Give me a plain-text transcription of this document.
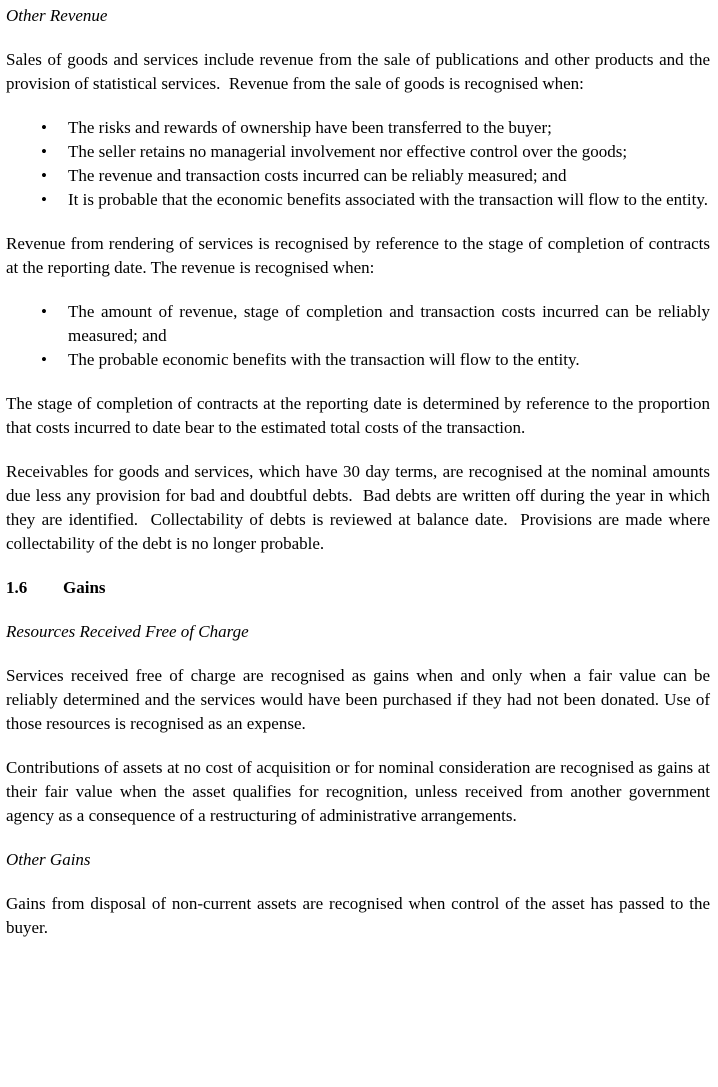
Other Revenue

Sales of goods and services include revenue from the sale of publications and other products and the provision of statistical services.  Revenue from the sale of goods is recognised when:

• The risks and rewards of ownership have been transferred to the buyer;
• The seller retains no managerial involvement nor effective control over the goods;
• The revenue and transaction costs incurred can be reliably measured; and
• It is probable that the economic benefits associated with the transaction will flow to the entity.

Revenue from rendering of services is recognised by reference to the stage of completion of contracts at the reporting date. The revenue is recognised when:

• The amount of revenue, stage of completion and transaction costs incurred can be reliably measured; and
• The probable economic benefits with the transaction will flow to the entity.

The stage of completion of contracts at the reporting date is determined by reference to the proportion that costs incurred to date bear to the estimated total costs of the transaction.

Receivables for goods and services, which have 30 day terms, are recognised at the nominal amounts due less any provision for bad and doubtful debts.  Bad debts are written off during the year in which they are identified.  Collectability of debts is reviewed at balance date.  Provisions are made where collectability of the debt is no longer probable.

1.6 Gains
Resources Received Free of Charge

Services received free of charge are recognised as gains when and only when a fair value can be reliably determined and the services would have been purchased if they had not been donated. Use of those resources is recognised as an expense.

Contributions of assets at no cost of acquisition or for nominal consideration are recognised as gains at their fair value when the asset qualifies for recognition, unless received from another government agency as a consequence of a restructuring of administrative arrangements.

Other Gains

Gains from disposal of non-current assets are recognised when control of the asset has passed to the buyer.
